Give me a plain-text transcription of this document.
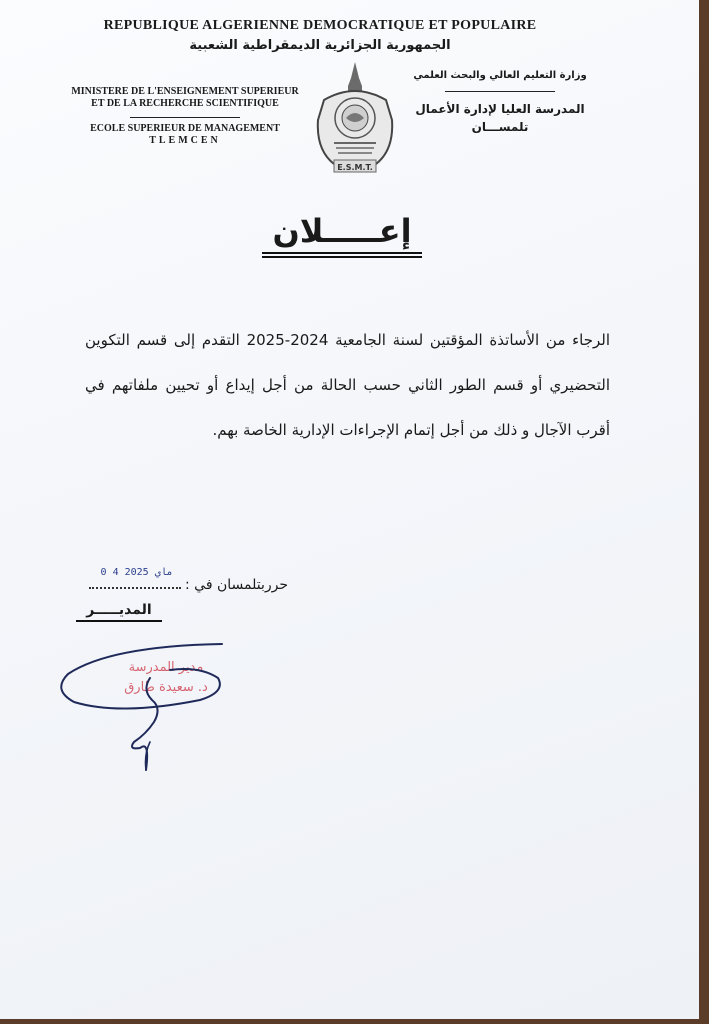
REPUBLIQUE ALGERIENNE DEMOCRATIQUE ET POPULAIRE
الجمهورية الجزائرية الديمقراطية الشعبية
MINISTERE DE L'ENSEIGNEMENT SUPERIEUR
ET DE LA RECHERCHE SCIENTIFIQUE
ECOLE SUPERIEUR DE MANAGEMENT
TLEMCEN
E.S.M.T.
وزارة التعليم العالي والبحث العلمي
المدرسة العليا لإدارة الأعمال
تلمســـان
إعـــــلان
الرجاء من الأساتذة المؤقتين لسنة الجامعية 2024-2025 التقدم إلى قسم التكوين التحضيري أو قسم الطور الثاني حسب الحالة من أجل إيداع أو تحيين ملفاتهم في أقرب الآجال و ذلك من أجل إتمام الإجراءات الإدارية الخاصة بهم.
حرربتلمسان في :
0 4 ماي 2025
المديـــــر
مدير المدرسة
د. سعيدة طارق
